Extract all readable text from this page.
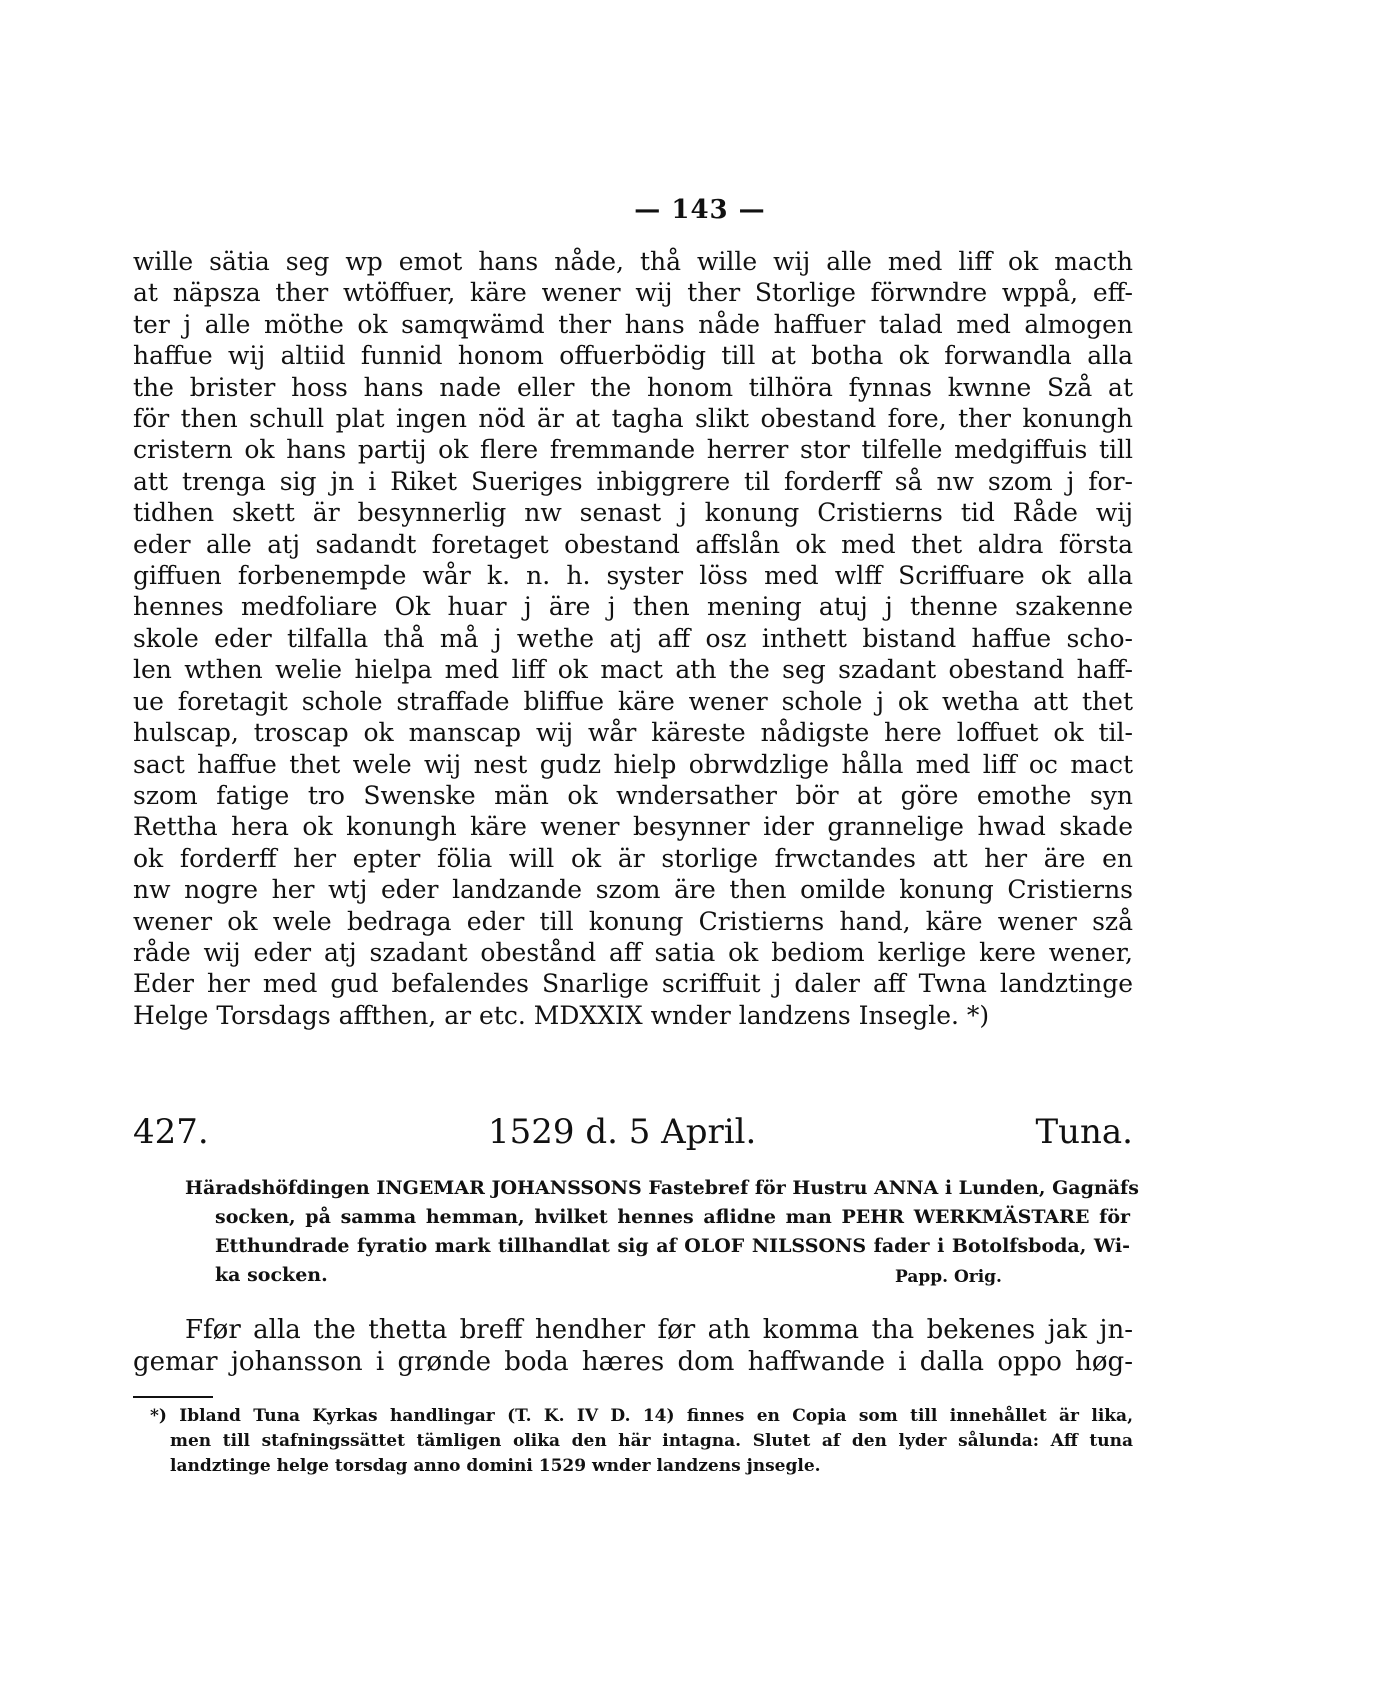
— 143 —
wille sätia seg wp emot hans nåde, thå wille wij alle med liff ok macth
at näpsza ther wtöffuer, käre wener wij ther Storlige förwndre wppå, eff-
ter j alle möthe ok samqwämd ther hans nåde haffuer talad med almogen
haffue wij altiid funnid honom offuerbödig till at botha ok forwandla alla
the brister hoss hans nade eller the honom tilhöra fynnas kwnne Szå at
för then schull plat ingen nöd är at tagha slikt obestand fore, ther konungh
cristern ok hans partij ok flere fremmande herrer stor tilfelle medgiffuis till
att trenga sig jn i Riket Sueriges inbiggrere til forderff så nw szom j for-
tidhen skett är besynnerlig nw senast j konung Cristierns tid Råde wij
eder alle atj sadandt foretaget obestand affslån ok med thet aldra första
giffuen forbenempde wår k. n. h. syster löss med wlff Scriffuare ok alla
hennes medfoliare Ok huar j äre j then mening atuj j thenne szakenne
skole eder tilfalla thå må j wethe atj aff osz inthett bistand haffue scho-
len wthen welie hielpa med liff ok mact ath the seg szadant obestand haff-
ue foretagit schole straffade bliffue käre wener schole j ok wetha att thet
hulscap, troscap ok manscap wij wår käreste nådigste here loffuet ok til-
sact haffue thet wele wij nest gudz hielp obrwdzlige hålla med liff oc mact
szom fatige tro Swenske män ok wndersather bör at göre emothe syn
Rettha hera ok konungh käre wener besynner ider grannelige hwad skade
ok forderff her epter fölia will ok är storlige frwctandes att her äre en
nw nogre her wtj eder landzande szom äre then omilde konung Cristierns
wener ok wele bedraga eder till konung Cristierns hand, käre wener szå
råde wij eder atj szadant obestånd aff satia ok bediom kerlige kere wener,
Eder her med gud befalendes Snarlige scriffuit j daler aff Twna landztinge
Helge Torsdags affthen, ar etc. MDXXIX wnder landzens Insegle. *)
427.	1529 d. 5 April.	Tuna.
Häradshöfdingen INGEMAR JOHANSSONS Fastebref för Hustru ANNA i Lunden, Gagnäfs
socken, på samma hemman, hvilket hennes aflidne man PEHR WERKMÄSTARE för
Etthundrade fyratio mark tillhandlat sig af OLOF NILSSONS fader i Botolfsboda, Wi-
ka socken.	Papp. Orig.
Ffør alla the thetta breff hendher før ath komma tha bekenes jak jn-
gemar johansson i grønde boda hæres dom haffwande i dalla oppo høg-
*) Ibland Tuna Kyrkas handlingar (T. K. IV D. 14) finnes en Copia som till innehållet är lika,
men till stafningssättet tämligen olika den här intagna. Slutet af den lyder sålunda: Aff tuna
landztinge helge torsdag anno domini 1529 wnder landzens jnsegle.
